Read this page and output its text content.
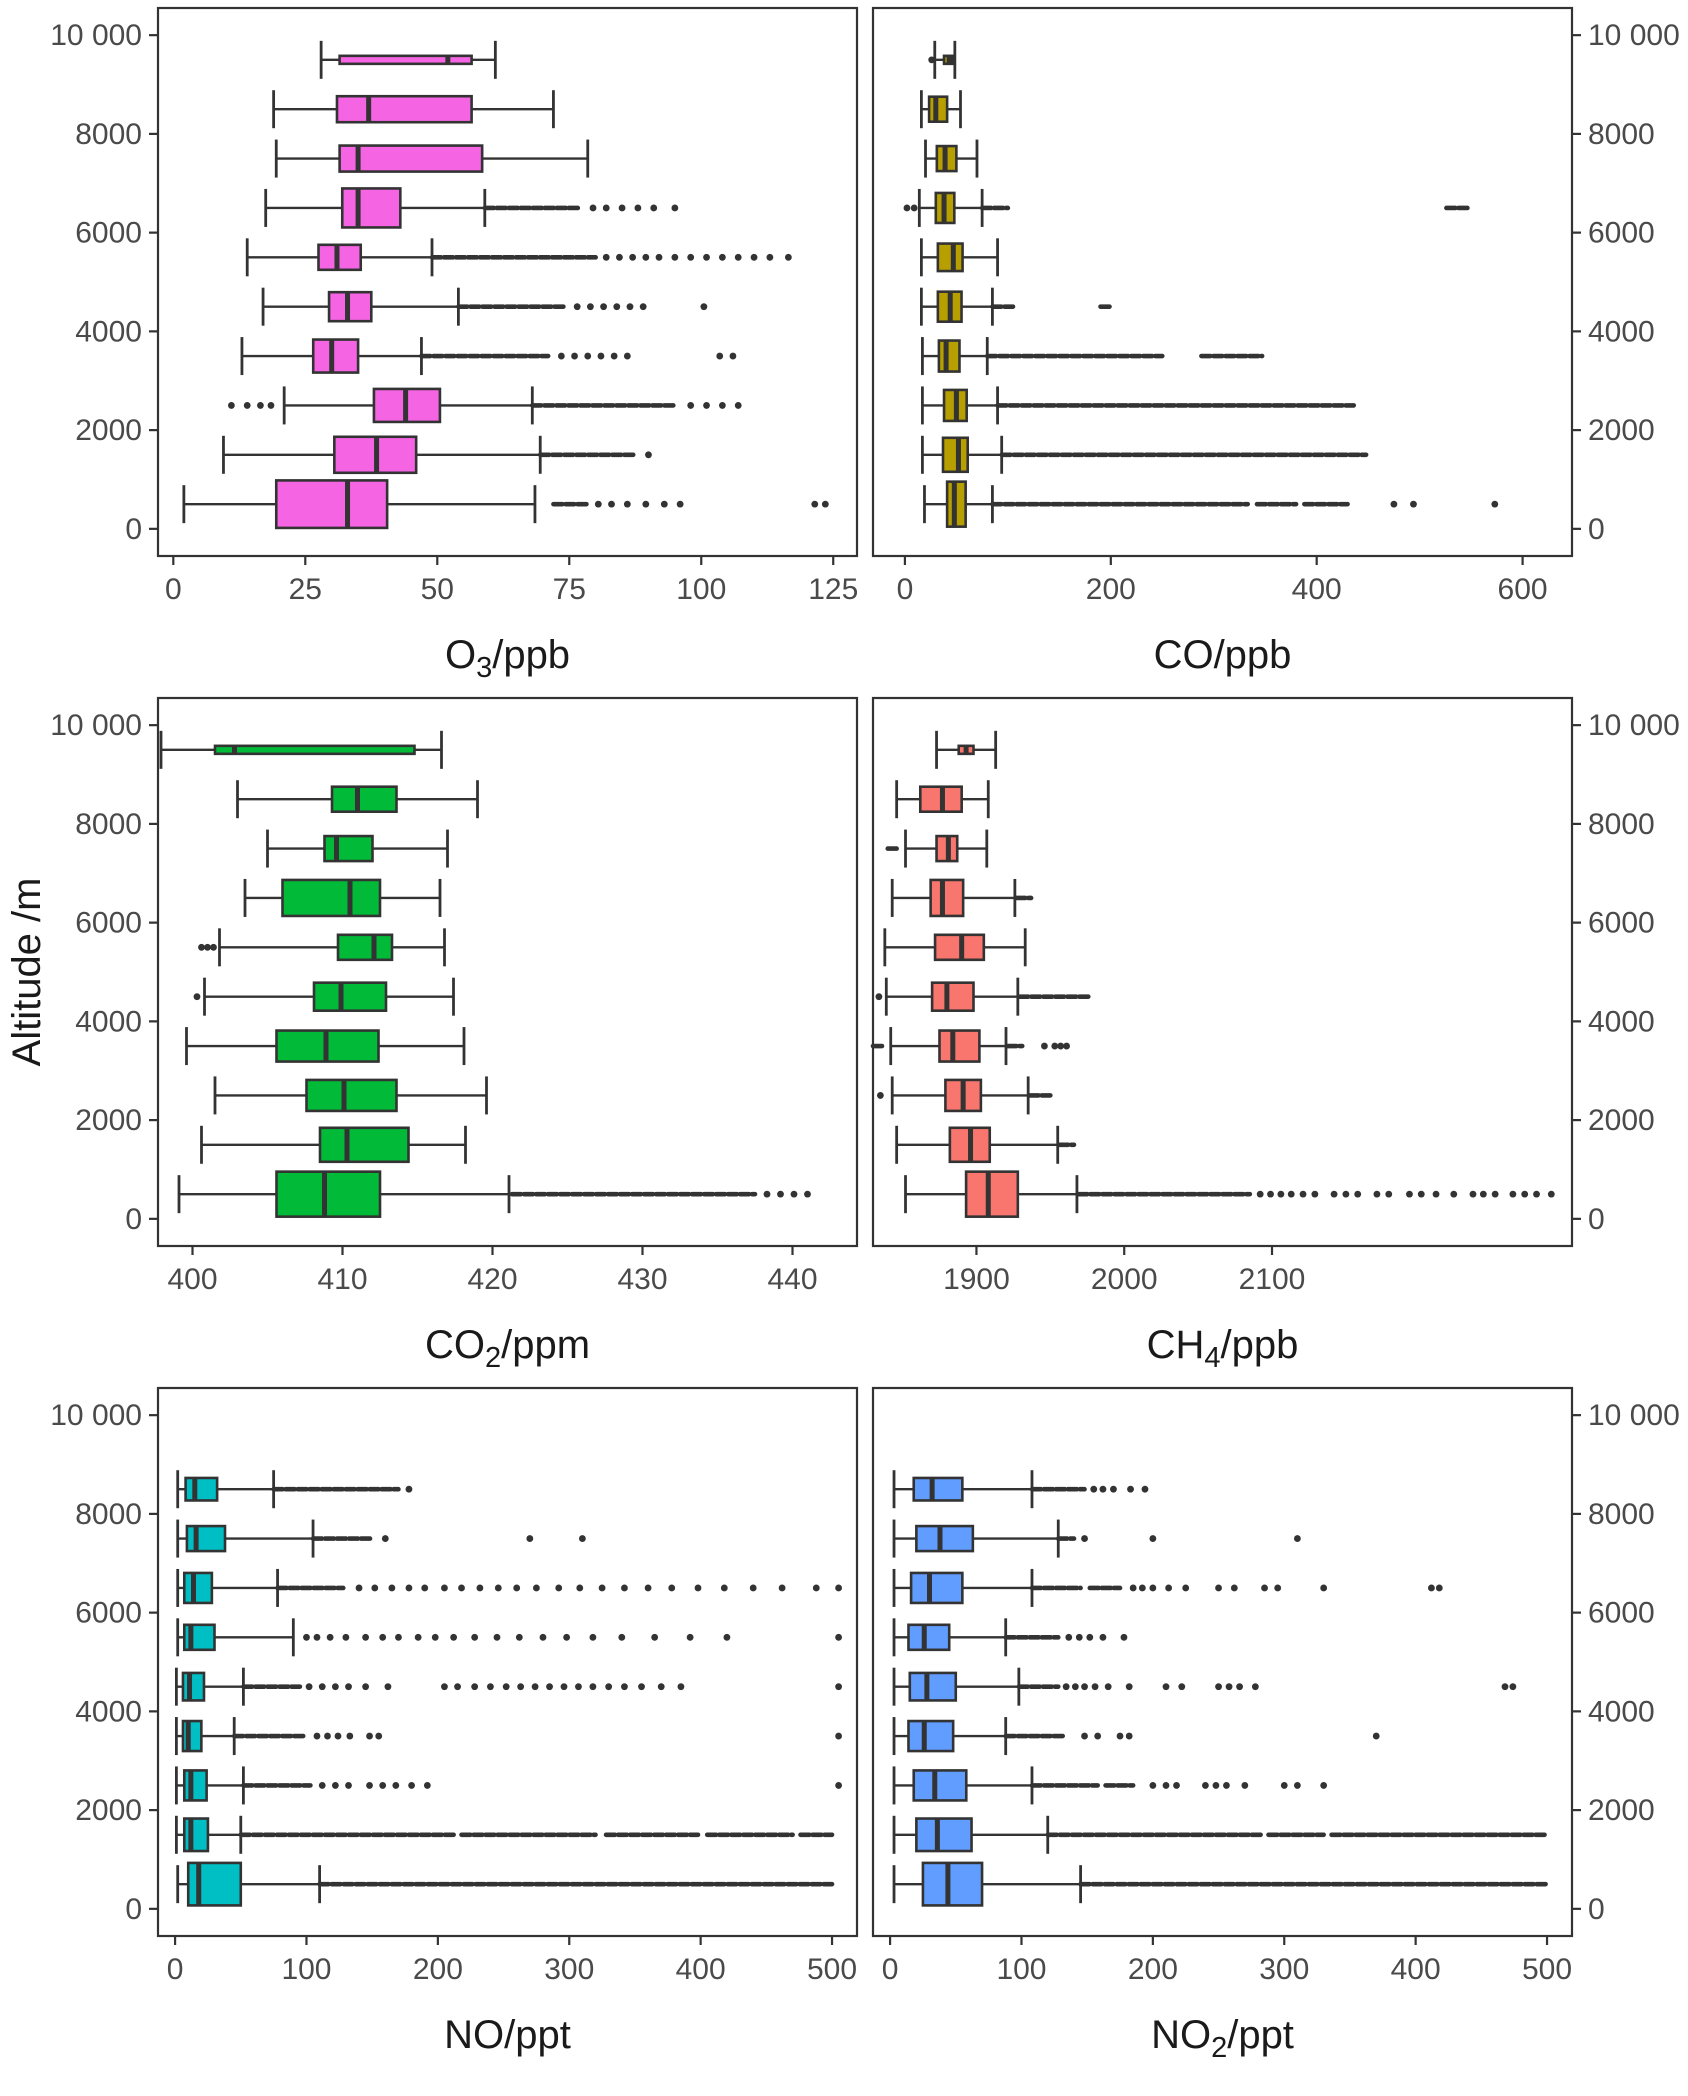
0	25	50	75	100	125
0
2000
4000
6000
8000
10 000
$O_3$/ppb
0	200	400	600
0
2000
4000
6000
8000
10 000
CO/ppb
400	410	420	430	440
0
2000
4000
6000
8000
10 000
$CO_2$/ppm
1900	2000	2100
0
2000
4000
6000
8000
10 000
$CH_4$/ppb
0	100	200	300	400	500
0
2000
4000
6000
8000
10 000
NO/ppt
0	100	200	300	400	500
0
2000
4000
6000
8000
10 000
$NO_2$/ppt
Altitude /m
